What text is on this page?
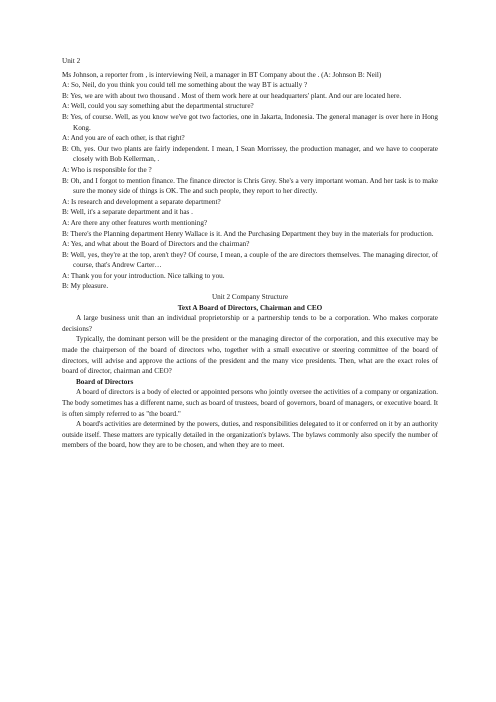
Unit 2

Ms Johnson, a reporter from , is interviewing Neil, a manager in BT Company about the . (A: Johnson B: Neil)

A: So, Neil, do you think you could tell me something about the way BT is actually ?

B: Yes, we are with about two thousand . Most of them work here at our headquarters' plant. And our are located here.

A: Well, could you say something abut the departmental structure?

B: Yes, of course. Well, as you know we've got two factories, one in Jakarta, Indonesia. The general manager is over here in Hong Kong.

A: And you are of each other, is that right?

B: Oh, yes. Our two plants are fairly independent. I mean, I Sean Morrissey, the production manager, and we have to cooperate closely with Bob Kellerman, .

A: Who is responsible for the ?

B: Oh, and I forgot to mention finance. The finance director is Chris Grey. She's a very important woman. And her task is to make sure the money side of things is OK. The and such people, they report to her directly.

A: Is research and development a separate department?

B: Well, it's a separate department and it has .

A: Are there any other features worth mentioning?

B: There's the Planning department Henry Wallace is it. And the Purchasing Department they buy in the materials for production.

A: Yes, and what about the Board of Directors and the chairman?

B: Well, yes, they're at the top, aren't they? Of course, I mean, a couple of the are directors themselves. The managing director, of course, that's Andrew Carter…

A: Thank you for your introduction. Nice talking to you.

B: My pleasure.

Unit 2 Company Structure

Text A Board of Directors, Chairman and CEO

A large business unit than an individual proprietorship or a partnership tends to be a corporation. Who makes corporate decisions?

Typically, the dominant person will be the president or the managing director of the corporation, and this executive may be made the chairperson of the board of directors who, together with a small executive or steering committee of the board of directors, will advise and approve the actions of the president and the many vice presidents. Then, what are the exact roles of board of director, chairman and CEO?

Board of Directors

A board of directors is a body of elected or appointed persons who jointly oversee the activities of a company or organization. The body sometimes has a different name, such as board of trustees, board of governors, board of managers, or executive board. It is often simply referred to as "the board."

A board's activities are determined by the powers, duties, and responsibilities delegated to it or conferred on it by an authority outside itself. These matters are typically detailed in the organization's bylaws. The bylaws commonly also specify the number of members of the board, how they are to be chosen, and when they are to meet.
